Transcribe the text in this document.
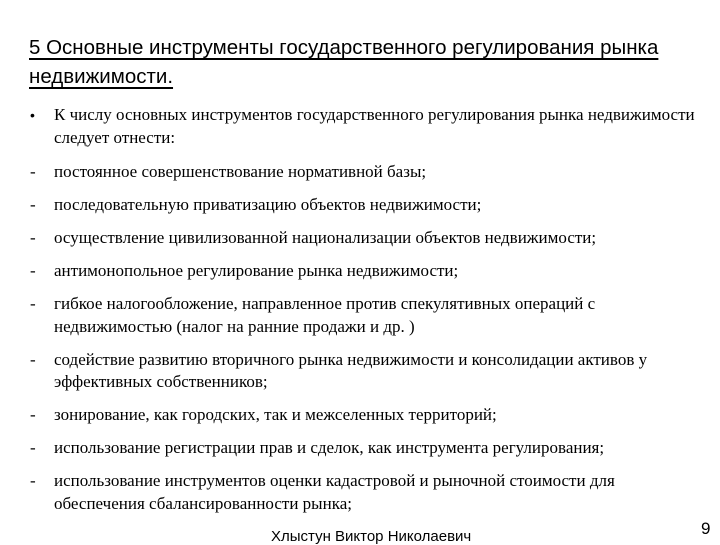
5 Основные инструменты государственного регулирования рынка недвижимости.
•	К числу основных инструментов государственного регулирования рынка недвижимости следует отнести:
-	постоянное совершенствование нормативной базы;
-	последовательную приватизацию объектов недвижимости;
-	осуществление цивилизованной национализации объектов недвижимости;
-	антимонопольное регулирование рынка недвижимости;
-	гибкое налогообложение, направленное против спекулятивных операций с недвижимостью (налог на ранние продажи и др. )
-	содействие развитию вторичного рынка недвижимости и консолидации активов у эффективных собственников;
-	зонирование, как городских, так и межселенных территорий;
-	использование регистрации прав и сделок, как инструмента регулирования;
-	использование инструментов оценки кадастровой и рыночной стоимости для обеспечения сбалансированности рынка;
Хлыстун Виктор Николаевич	9
